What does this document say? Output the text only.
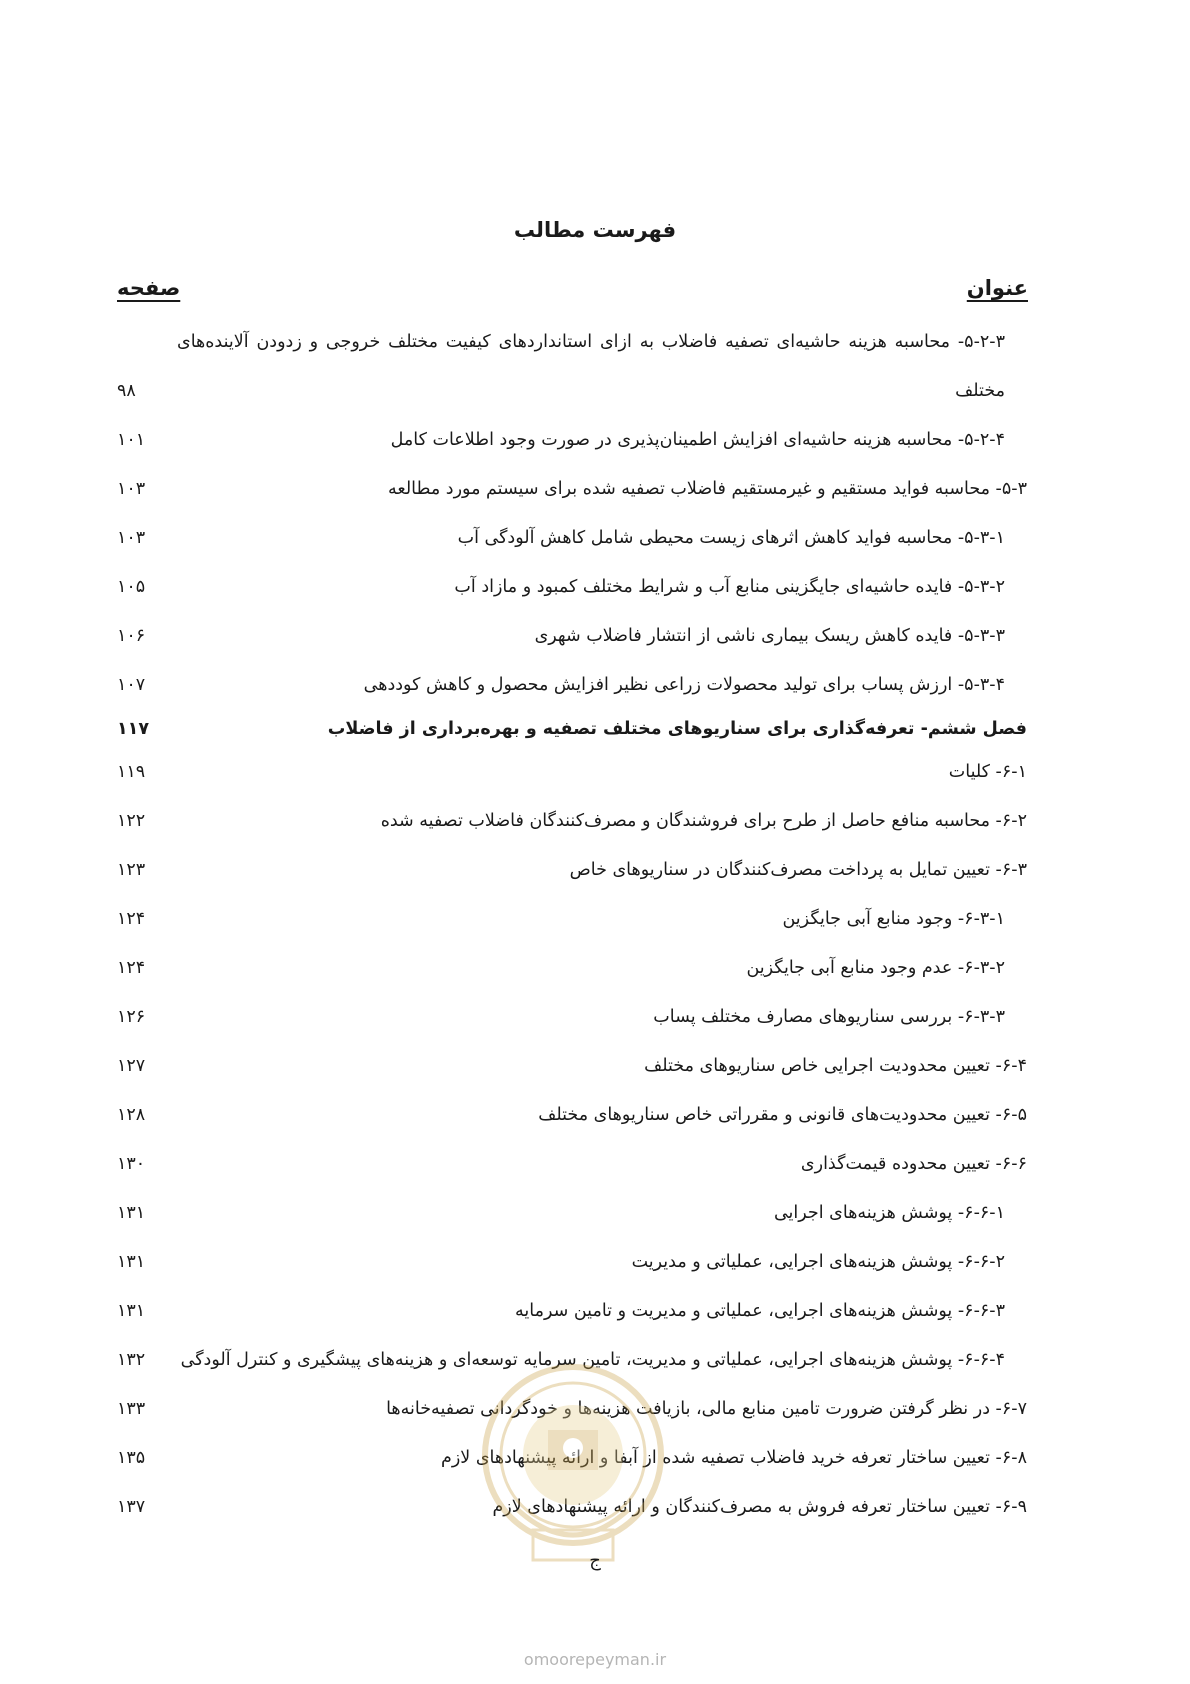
فهرست مطالب
عنوان
صفحه
۵-۲-۳- محاسبه هزینه حاشیه‌ای تصفیه فاضلاب به ازای استانداردهای کیفیت مختلف خروجی و زدودن آلاینده‌های مختلف
۹۸
۵-۲-۴- محاسبه هزینه حاشیه‌ای افزایش اطمینان‌پذیری در صورت وجود اطلاعات کامل
۱۰۱
۵-۳- محاسبه فواید مستقیم و غیرمستقیم فاضلاب تصفیه شده برای سیستم مورد مطالعه
۱۰۳
۵-۳-۱- محاسبه فواید کاهش اثرهای زیست محیطی شامل کاهش آلودگی آب
۱۰۳
۵-۳-۲- فایده حاشیه‌ای جایگزینی منابع آب و شرایط مختلف کمبود و مازاد آب
۱۰۵
۵-۳-۳- فایده کاهش ریسک بیماری ناشی از انتشار فاضلاب شهری
۱۰۶
۵-۳-۴- ارزش پساب برای تولید محصولات زراعی نظیر افزایش محصول و کاهش کوددهی
۱۰۷
فصل ششم- تعرفه‌گذاری برای سناریوهای مختلف تصفیه و بهره‌برداری از فاضلاب
۱۱۷
۶-۱- کلیات
۱۱۹
۶-۲- محاسبه منافع حاصل از طرح برای فروشندگان و مصرف‌کنندگان فاضلاب تصفیه شده
۱۲۲
۶-۳- تعیین تمایل به پرداخت مصرف‌کنندگان در سناریوهای خاص
۱۲۳
۶-۳-۱- وجود منابع آبی جایگزین
۱۲۴
۶-۳-۲- عدم وجود منابع آبی جایگزین
۱۲۴
۶-۳-۳- بررسی سناریوهای مصارف مختلف پساب
۱۲۶
۶-۴- تعیین محدودیت اجرایی خاص سناریوهای مختلف
۱۲۷
۶-۵- تعیین محدودیت‌های قانونی و مقرراتی خاص سناریوهای مختلف
۱۲۸
۶-۶- تعیین محدوده قیمت‌گذاری
۱۳۰
۶-۶-۱- پوشش هزینه‌های اجرایی
۱۳۱
۶-۶-۲- پوشش هزینه‌های اجرایی، عملیاتی و مدیریت
۱۳۱
۶-۶-۳- پوشش هزینه‌های اجرایی، عملیاتی و مدیریت و تامین سرمایه
۱۳۱
۶-۶-۴- پوشش هزینه‌های اجرایی، عملیاتی و مدیریت، تامین سرمایه توسعه‌ای و هزینه‌های پیشگیری و کنترل آلودگی
۱۳۲
۶-۷- در نظر گرفتن ضرورت تامین منابع مالی، بازیافت هزینه‌ها و خودگردانی تصفیه‌خانه‌ها
۱۳۳
۶-۸- تعیین ساختار تعرفه خرید فاضلاب تصفیه شده از آبفا و ارائه پیشنهادهای لازم
۱۳۵
۶-۹- تعیین ساختار تعرفه فروش به مصرف‌کنندگان و ارائه پیشنهادهای لازم
۱۳۷
ج
omoorepeyman.ir
